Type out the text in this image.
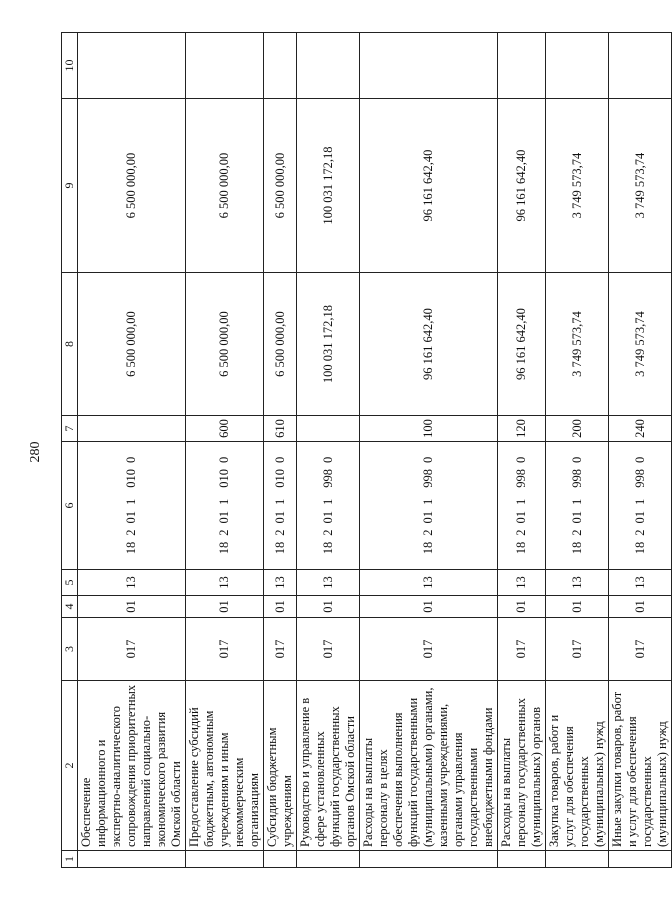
280
1	2	3	4	5	6	7	8	9	10
	Обеспечение информационного и экспертно-аналитического сопровождения приоритетных направлений социально-экономического развития Омской области	017	01	13	1820110100		6 500 000,00	6 500 000,00	
	Предоставление субсидий бюджетным, автономным учреждениям и иным некоммерческим организациям	017	01	13	1820110100	600	6 500 000,00	6 500 000,00	
	Субсидии бюджетным учреждениям	017	01	13	1820110100	610	6 500 000,00	6 500 000,00	
	Руководство и управление в сфере установленных функций государственных органов Омской области	017	01	13	1820119980		100 031 172,18	100 031 172,18	
	Расходы на выплаты персоналу в целях обеспечения выполнения функций государственными (муниципальными) органами, казенными учреждениями, органами управления государственными внебюджетными фондами	017	01	13	1820119980	100	96 161 642,40	96 161 642,40	
	Расходы на выплаты персоналу государственных (муниципальных) органов	017	01	13	1820119980	120	96 161 642,40	96 161 642,40	
	Закупка товаров, работ и услуг для обеспечения государственных (муниципальных) нужд	017	01	13	1820119980	200	3 749 573,74	3 749 573,74	
	Иные закупки товаров, работ и услуг для обеспечения государственных (муниципальных) нужд	017	01	13	1820119980	240	3 749 573,74	3 749 573,74	
